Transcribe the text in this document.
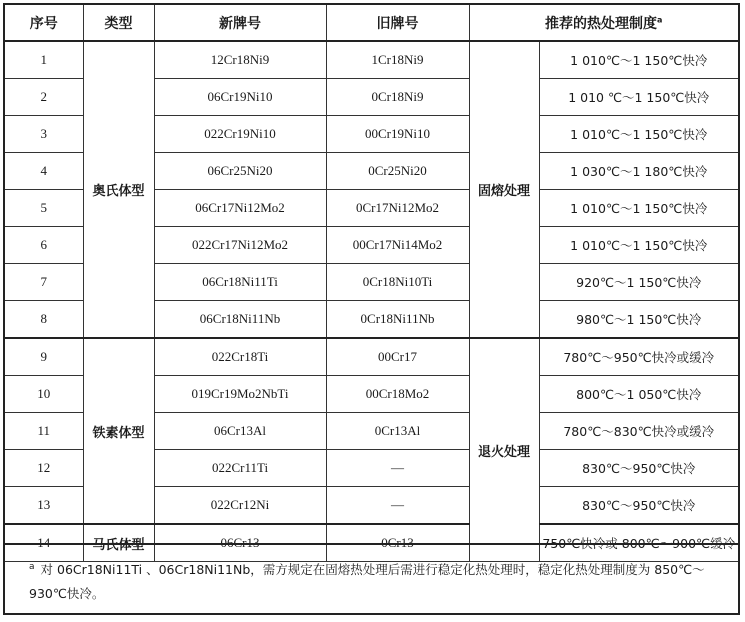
序号	类型	新牌号	旧牌号	推荐的热处理制度$^a$
1	奥氏体型	12Cr18Ni9	1Cr18Ni9	固熔处理	1 010℃～1 150℃快冷
2		06Cr19Ni10	0Cr18Ni9		1 010 ℃～1 150℃快冷
3		022Cr19Ni10	00Cr19Ni10		1 010℃～1 150℃快冷
4		06Cr25Ni20	0Cr25Ni20		1 030℃～1 180℃快冷
5		06Cr17Ni12Mo2	0Cr17Ni12Mo2		1 010℃～1 150℃快冷
6		022Cr17Ni12Mo2	00Cr17Ni14Mo2		1 010℃～1 150℃快冷
7		06Cr18Ni11Ti	0Cr18Ni10Ti		920℃～1 150℃快冷
8		06Cr18Ni11Nb	0Cr18Ni11Nb		980℃～1 150℃快冷
9	铁素体型	022Cr18Ti	00Cr17	退火处理	780℃～950℃快冷或缓冷
10		019Cr19Mo2NbTi	00Cr18Mo2		800℃～1 050℃快冷
11		06Cr13Al	0Cr13Al		780℃～830℃快冷或缓冷
12		022Cr11Ti	—		830℃～950℃快冷
13		022Cr12Ni	—		830℃～950℃快冷
14	马氏体型	06Cr13	0Cr13		750℃快冷或 800℃～900℃缓冷
$^a$ 对 06Cr18Ni11Ti 、06Cr18Ni11Nb，需方规定在固熔热处理后需进行稳定化热处理时，稳定化热处理制度为 850℃～930℃快冷。
